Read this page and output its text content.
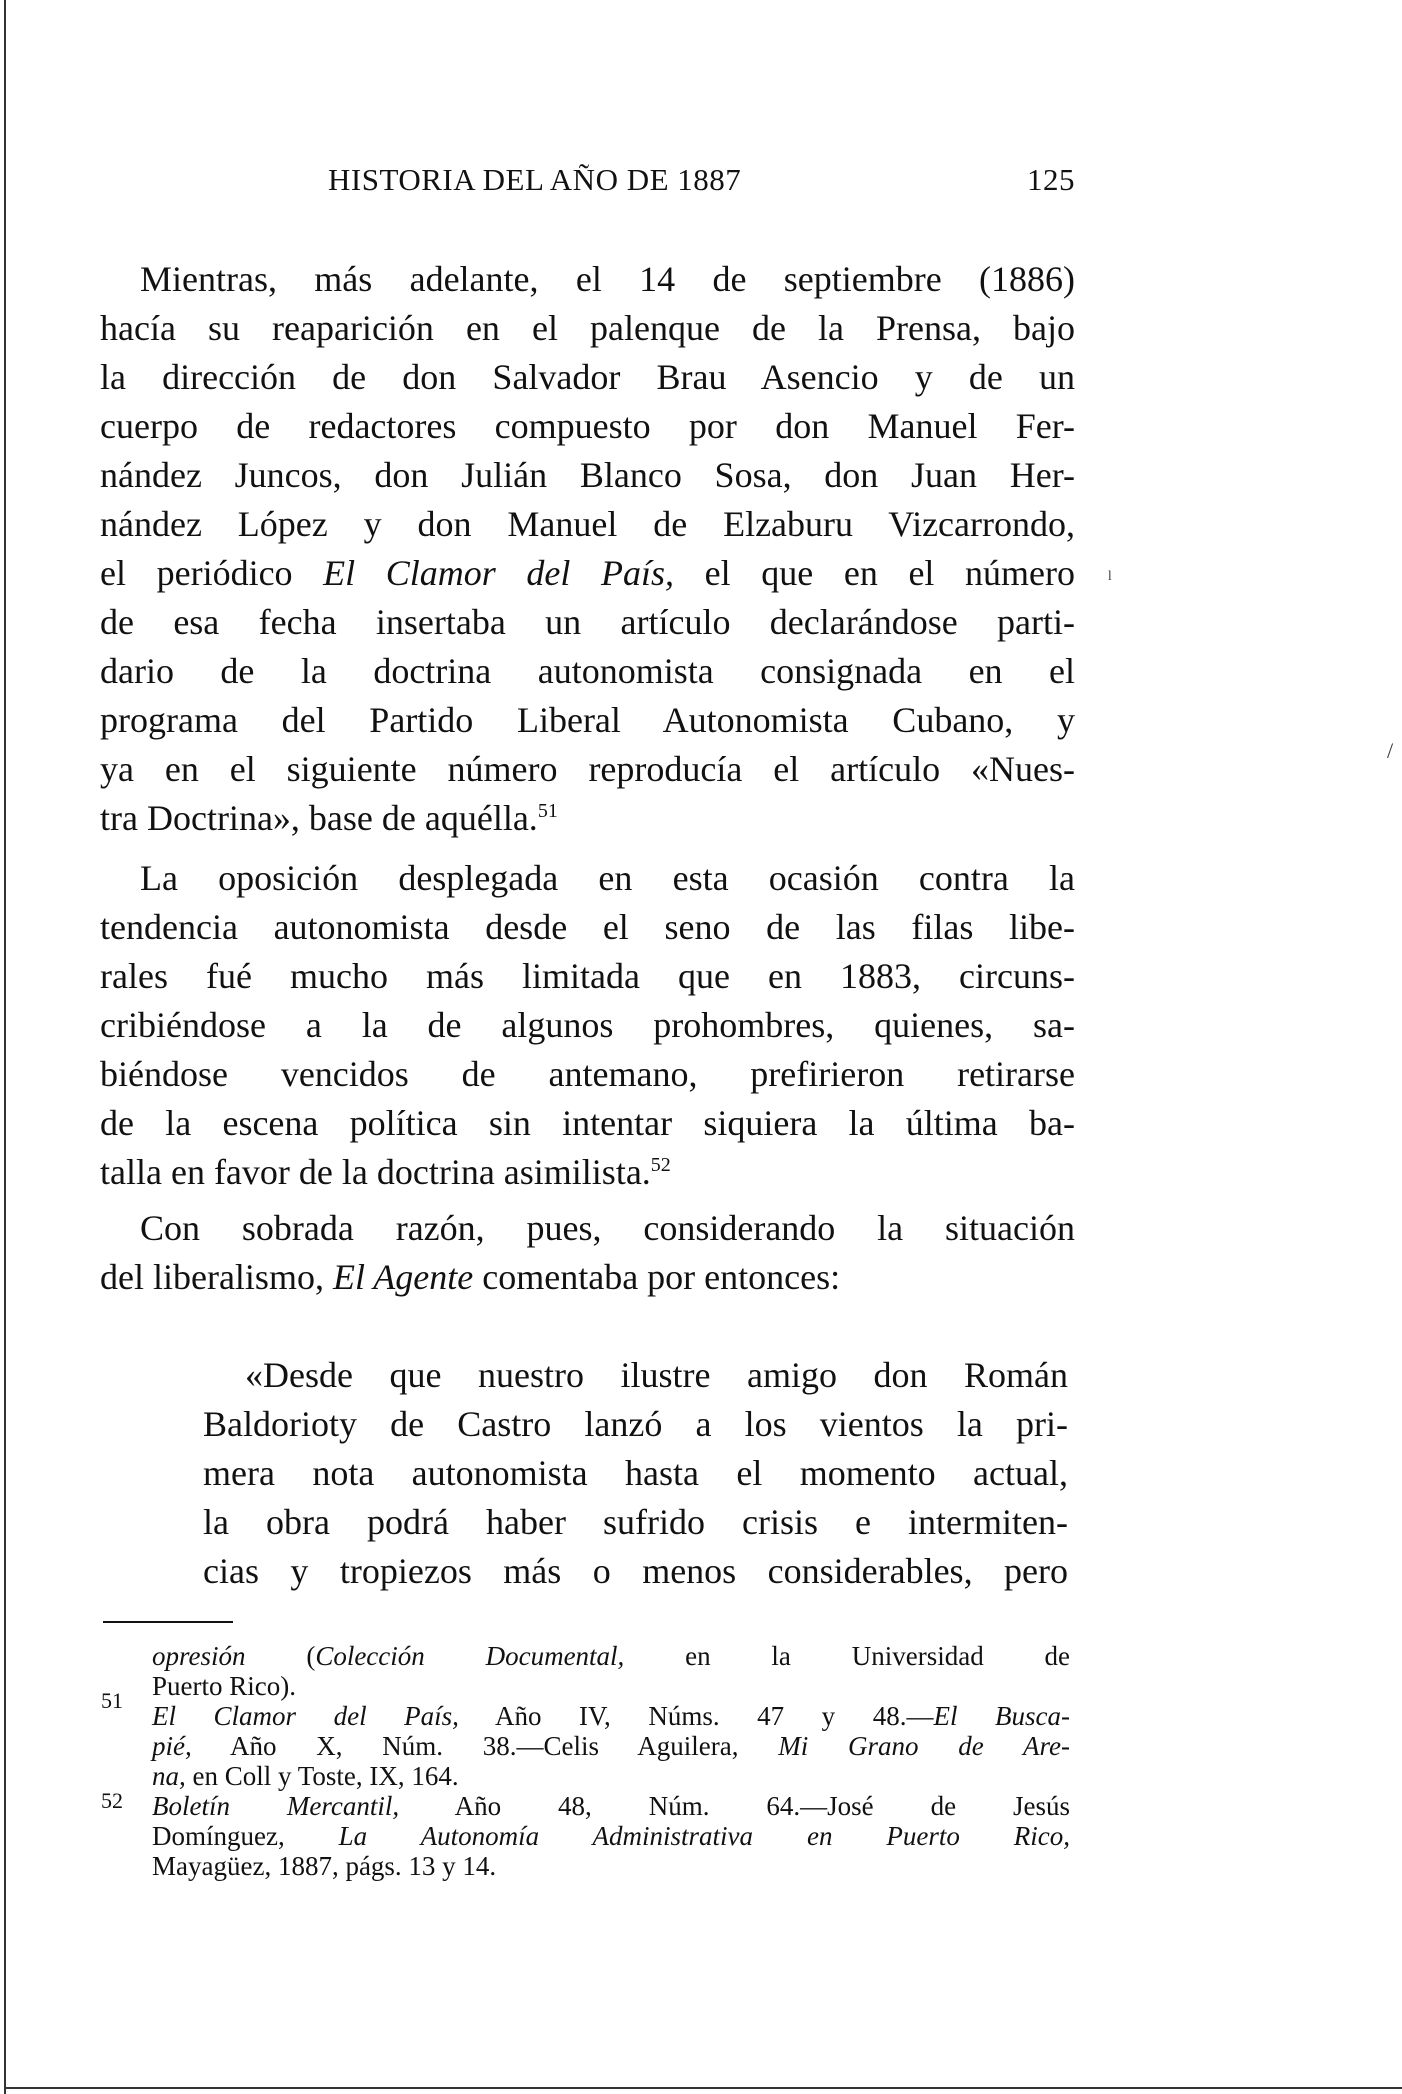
HISTORIA DEL AÑO DE 1887	125
Mientras, más adelante, el 14 de septiembre (1886)
hacía su reaparición en el palenque de la Prensa, bajo
la dirección de don Salvador Brau Asencio y de un
cuerpo de redactores compuesto por don Manuel Fer-
nández Juncos, don Julián Blanco Sosa, don Juan Her-
nández López y don Manuel de Elzaburu Vizcarrondo,
el periódico El Clamor del País, el que en el número
de esa fecha insertaba un artículo declarándose parti-
dario de la doctrina autonomista consignada en el
programa del Partido Liberal Autonomista Cubano, y
ya en el siguiente número reproducía el artículo «Nues-
tra Doctrina», base de aquélla.$^{51}$
La oposición desplegada en esta ocasión contra la
tendencia autonomista desde el seno de las filas libe-
rales fué mucho más limitada que en 1883, circuns-
cribiéndose a la de algunos prohombres, quienes, sa-
biéndose vencidos de antemano, prefirieron retirarse
de la escena política sin intentar siquiera la última ba-
talla en favor de la doctrina asimilista.$^{52}$
Con sobrada razón, pues, considerando la situación
del liberalismo, El Agente comentaba por entonces:
«Desde que nuestro ilustre amigo don Román
Baldorioty de Castro lanzó a los vientos la pri-
mera nota autonomista hasta el momento actual,
la obra podrá haber sufrido crisis e intermiten-
cias y tropiezos más o menos considerables, pero
opresión (Colección Documental, en la Universidad de
Puerto Rico).
51
El Clamor del País, Año IV, Núms. 47 y 48.—El Busca-
pié, Año X, Núm. 38.—Celis Aguilera, Mi Grano de Are-
na, en Coll y Toste, IX, 164.
52 Boletín Mercantil, Año 48, Núm. 64.—José de Jesús
Domínguez, La Autonomía Administrativa en Puerto Rico,
Mayagüez, 1887, págs. 13 y 14.
ˡ
/
